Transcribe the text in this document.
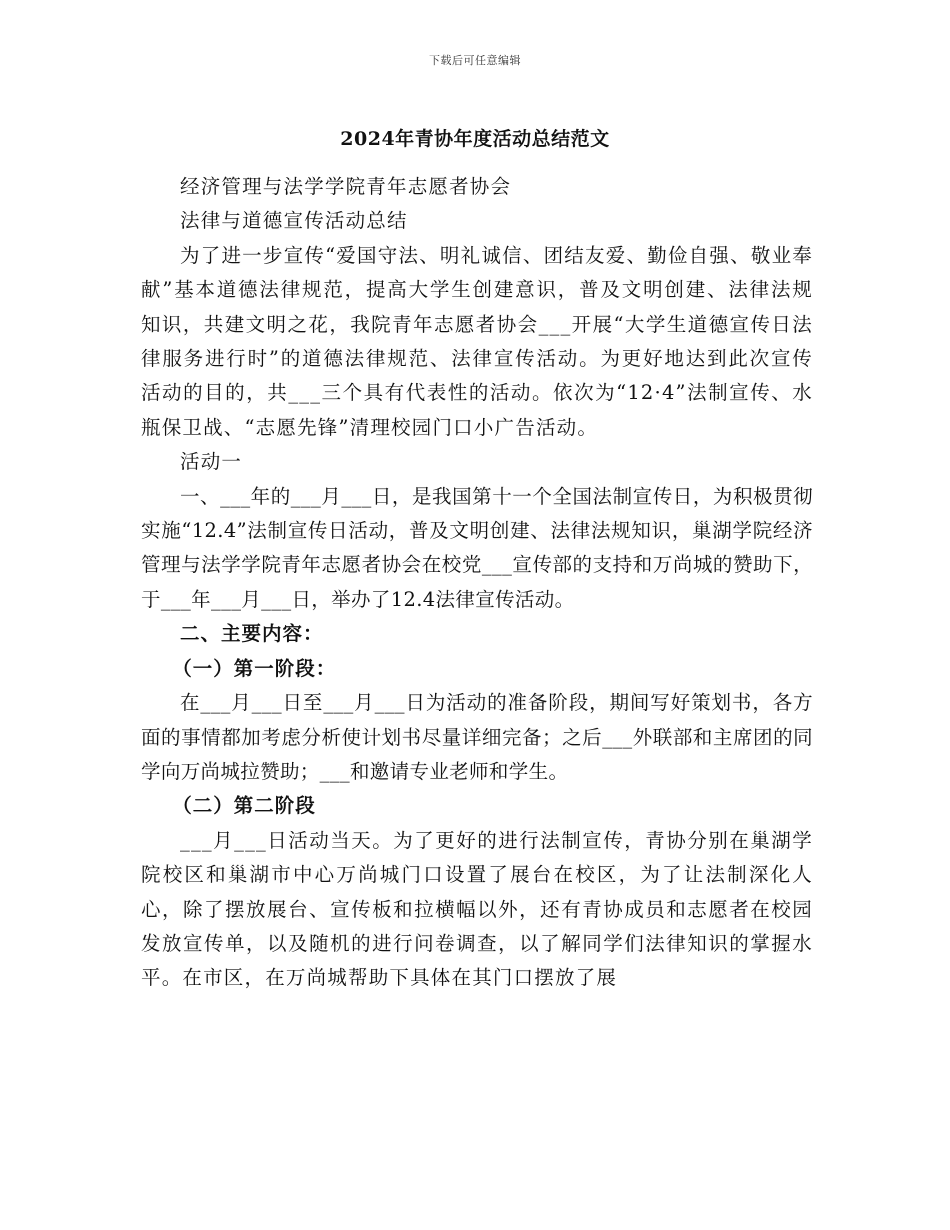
下载后可任意编辑
2024年青协年度活动总结范文

经济管理与法学学院青年志愿者协会

法律与道德宣传活动总结

为了进一步宣传“爱国守法、明礼诚信、团结友爱、勤俭自强、敬业奉献”基本道德法律规范，提高大学生创建意识，普及文明创建、法律法规知识，共建文明之花，我院青年志愿者协会___开展“大学生道德宣传日法律服务进行时”的道德法律规范、法律宣传活动。为更好地达到此次宣传活动的目的，共___三个具有代表性的活动。依次为“12·4”法制宣传、水瓶保卫战、“志愿先锋”清理校园门口小广告活动。

活动一

一、___年的___月___日，是我国第十一个全国法制宣传日，为积极贯彻实施“12.4”法制宣传日活动，普及文明创建、法律法规知识，巢湖学院经济管理与法学学院青年志愿者协会在校党___宣传部的支持和万尚城的赞助下，于___年___月___日，举办了12.4法律宣传活动。

二、主要内容：

（一）第一阶段：

在___月___日至___月___日为活动的准备阶段，期间写好策划书，各方面的事情都加考虑分析使计划书尽量详细完备；之后___外联部和主席团的同学向万尚城拉赞助；___和邀请专业老师和学生。

（二）第二阶段

___月___日活动当天。为了更好的进行法制宣传，青协分别在巢湖学院校区和巢湖市中心万尚城门口设置了展台在校区，为了让法制深化人心，除了摆放展台、宣传板和拉横幅以外，还有青协成员和志愿者在校园发放宣传单，以及随机的进行问卷调查，以了解同学们法律知识的掌握水平。在市区，在万尚城帮助下具体在其门口摆放了展
